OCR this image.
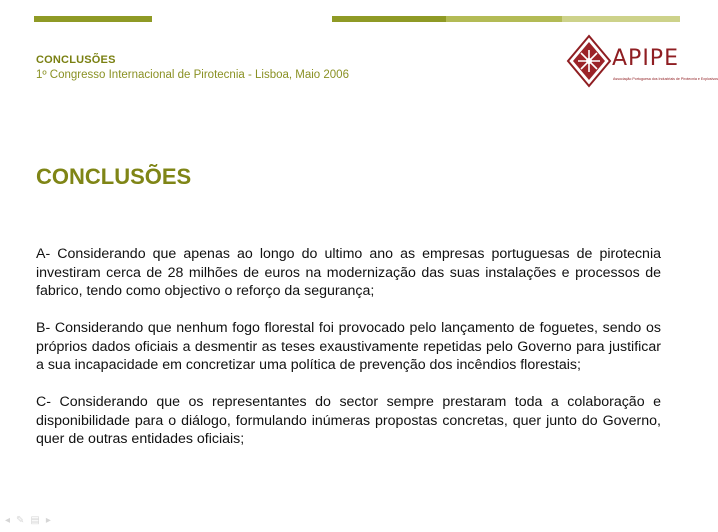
CONCLUSÕES
1º Congresso Internacional de Pirotecnia - Lisboa, Maio 2006
APIPE
Associação Portuguesa dos Industriais de Pirotecnia e Explosivos
CONCLUSÕES

A- Considerando que apenas ao longo do ultimo ano as empresas portuguesas de pirotecnia investiram cerca de 28 milhões de euros na modernização das suas instalações e processos de fabrico, tendo como objectivo o reforço da segurança;

B- Considerando que nenhum fogo florestal foi provocado pelo lançamento de foguetes, sendo os próprios dados oficiais a desmentir as teses exaustivamente repetidas pelo Governo para justificar a sua incapacidade em concretizar uma política de prevenção dos incêndios florestais;

C- Considerando que os representantes do sector sempre prestaram toda a colaboração e disponibilidade para o diálogo, formulando inúmeras propostas concretas, quer junto do Governo, quer de outras entidades oficiais;

◂ ✎ ▤ ▸
